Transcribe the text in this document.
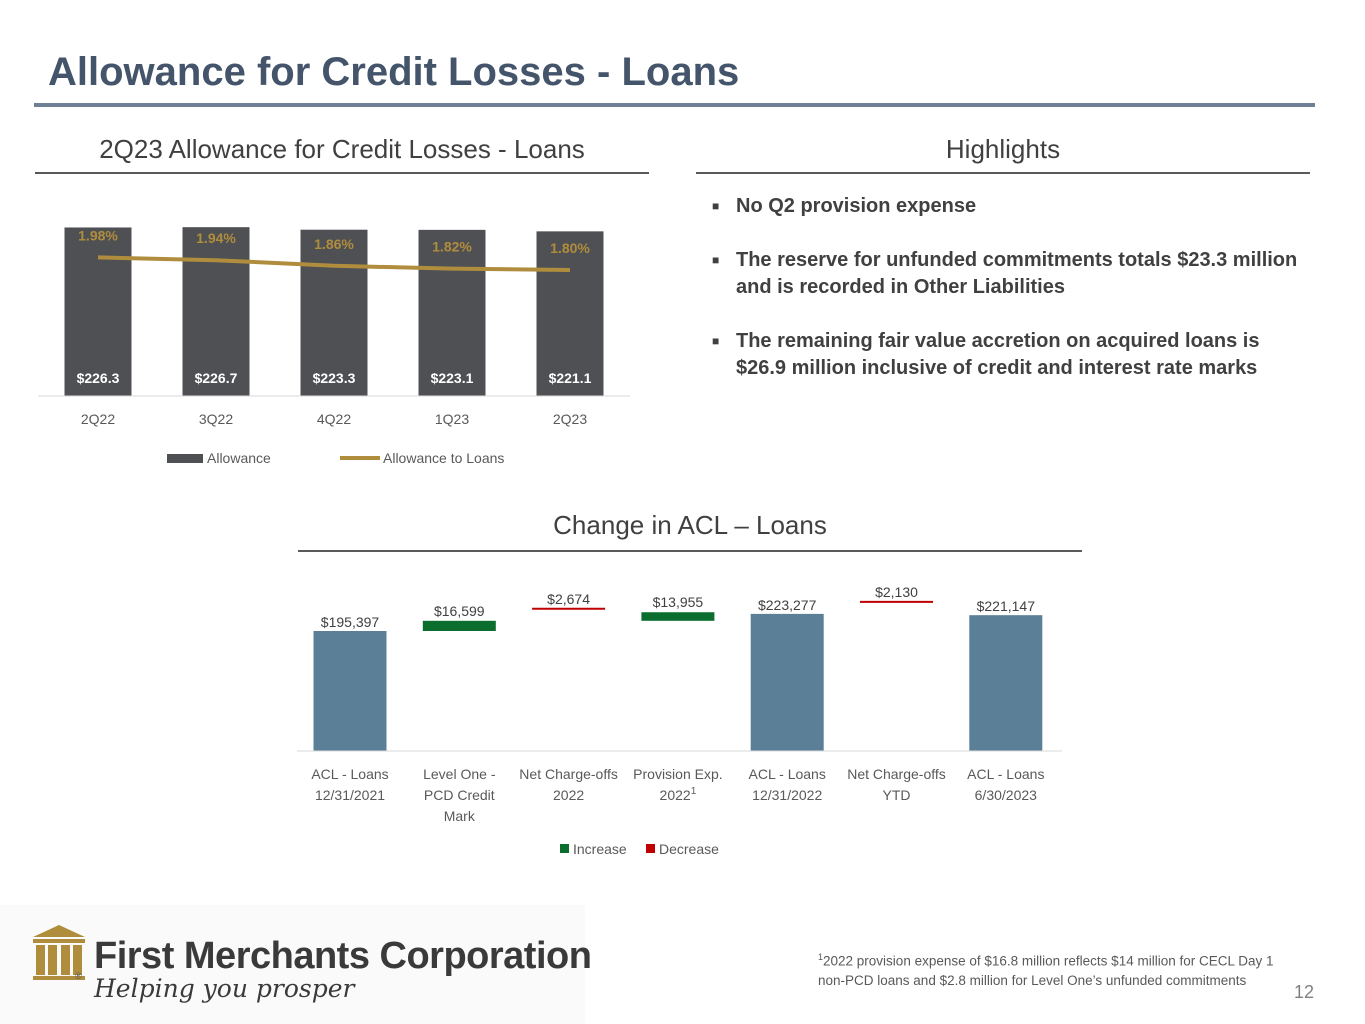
Allowance for Credit Losses - Loans
2Q23 Allowance for Credit Losses - Loans	Highlights
$226.3
1.98%
2Q22
$226.7
1.94%
3Q22
$223.3
1.86%
4Q22
$223.1
1.82%
1Q23
$221.1
1.80%
2Q23
Allowance	Allowance to Loans
■ No Q2 provision expense
■ The reserve for unfunded commitments totals $23.3 million and is recorded in Other Liabilities
■ The remaining fair value accretion on acquired loans is $26.9 million inclusive of credit and interest rate marks
Change in ACL – Loans
$195,397
ACL - Loans
12/31/2021
$16,599
Level One -
PCD Credit
Mark
$2,674
Net Charge-offs
2022
$13,955
Provision Exp.
2022$^1$
$223,277
ACL - Loans
12/31/2022
$2,130
Net Charge-offs
YTD
$221,147
ACL - Loans
6/30/2023
Increase Decrease
® First Merchants Corporation
Helping you prosper
$^1$2022 provision expense of $16.8 million reflects $14 million for CECL Day 1 non-PCD loans and $2.8 million for Level One’s unfunded commitments
12
